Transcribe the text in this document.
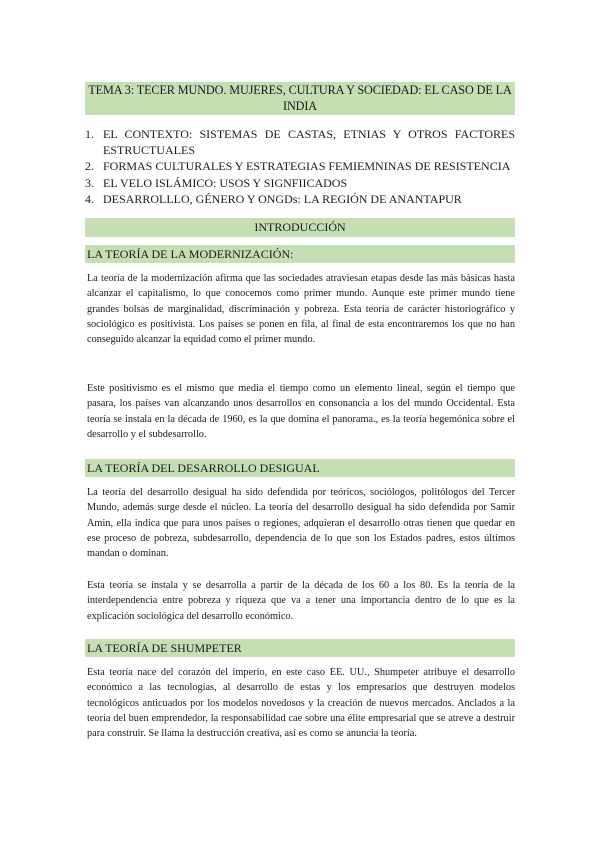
TEMA 3: TECER MUNDO. MUJERES, CULTURA Y SOCIEDAD: EL CASO DE LA INDIA
1. EL CONTEXTO: SISTEMAS DE CASTAS, ETNIAS Y OTROS FACTORES ESTRUCTUALES
2. FORMAS CULTURALES Y ESTRATEGIAS FEMIEMNINAS DE RESISTENCIA
3. EL VELO ISLÁMICO: USOS Y SIGNFIICADOS
4. DESARROLLLO, GÉNERO Y ONGDs: LA REGIÓN DE ANANTAPUR
INTRODUCCIÓN
LA TEORÍA DE LA MODERNIZACIÓN:

La teoría de la modernización afirma que las sociedades atraviesan etapas desde las más básicas hasta alcanzar el capitalismo, lo que conocemos como primer mundo. Aunque este primer mundo tiene grandes bolsas de marginalidad, discriminación y pobreza. Esta teoría de carácter historiográfico y sociológico es positivista. Los países se ponen en fila, al final de esta encontraremos los que no han conseguido alcanzar la equidad como el primer mundo.

Este positivismo es el mismo que media el tiempo como un elemento lineal, según el tiempo que pasara, los países van alcanzando unos desarrollos en consonancia a los del mundo Occidental. Esta teoría se instala en la década de 1960, es la que domina el panorama., es la teoría hegemónica sobre el desarrollo y el subdesarrollo.

LA TEORÍA DEL DESARROLLO DESIGUAL

La teoría del desarrollo desigual ha sido defendida por teóricos, sociólogos, politólogos del Tercer Mundo, además surge desde el núcleo. La teoría del desarrollo desigual ha sido defendida por Samir Amin, ella indica que para unos países o regiones, adquieran el desarrollo otras tienen que quedar en ese proceso de pobreza, subdesarrollo, dependencia de lo que son los Estados padres, estos últimos mandan o dominan.

Esta teoría se instala y se desarrolla a partir de la década de los 60 a los 80. Es la teoría de la interdependencia entre pobreza y riqueza que va a tener una importancia dentro de lo que es la explicación sociológica del desarrollo económico.

LA TEORÍA DE SHUMPETER

Esta teoría nace del corazón del imperio, en este caso EE. UU., Shumpeter atribuye el desarrollo económico a las tecnologías, al desarrollo de estas y los empresarios que destruyen modelos tecnológicos anticuados por los modelos novedosos y la creación de nuevos mercados. Anclados a la teoría del buen emprendedor, la responsabilidad cae sobre una élite empresarial que se atreve a destruir para construir. Se llama la destrucción creativa, así es como se anuncia la teoría.
